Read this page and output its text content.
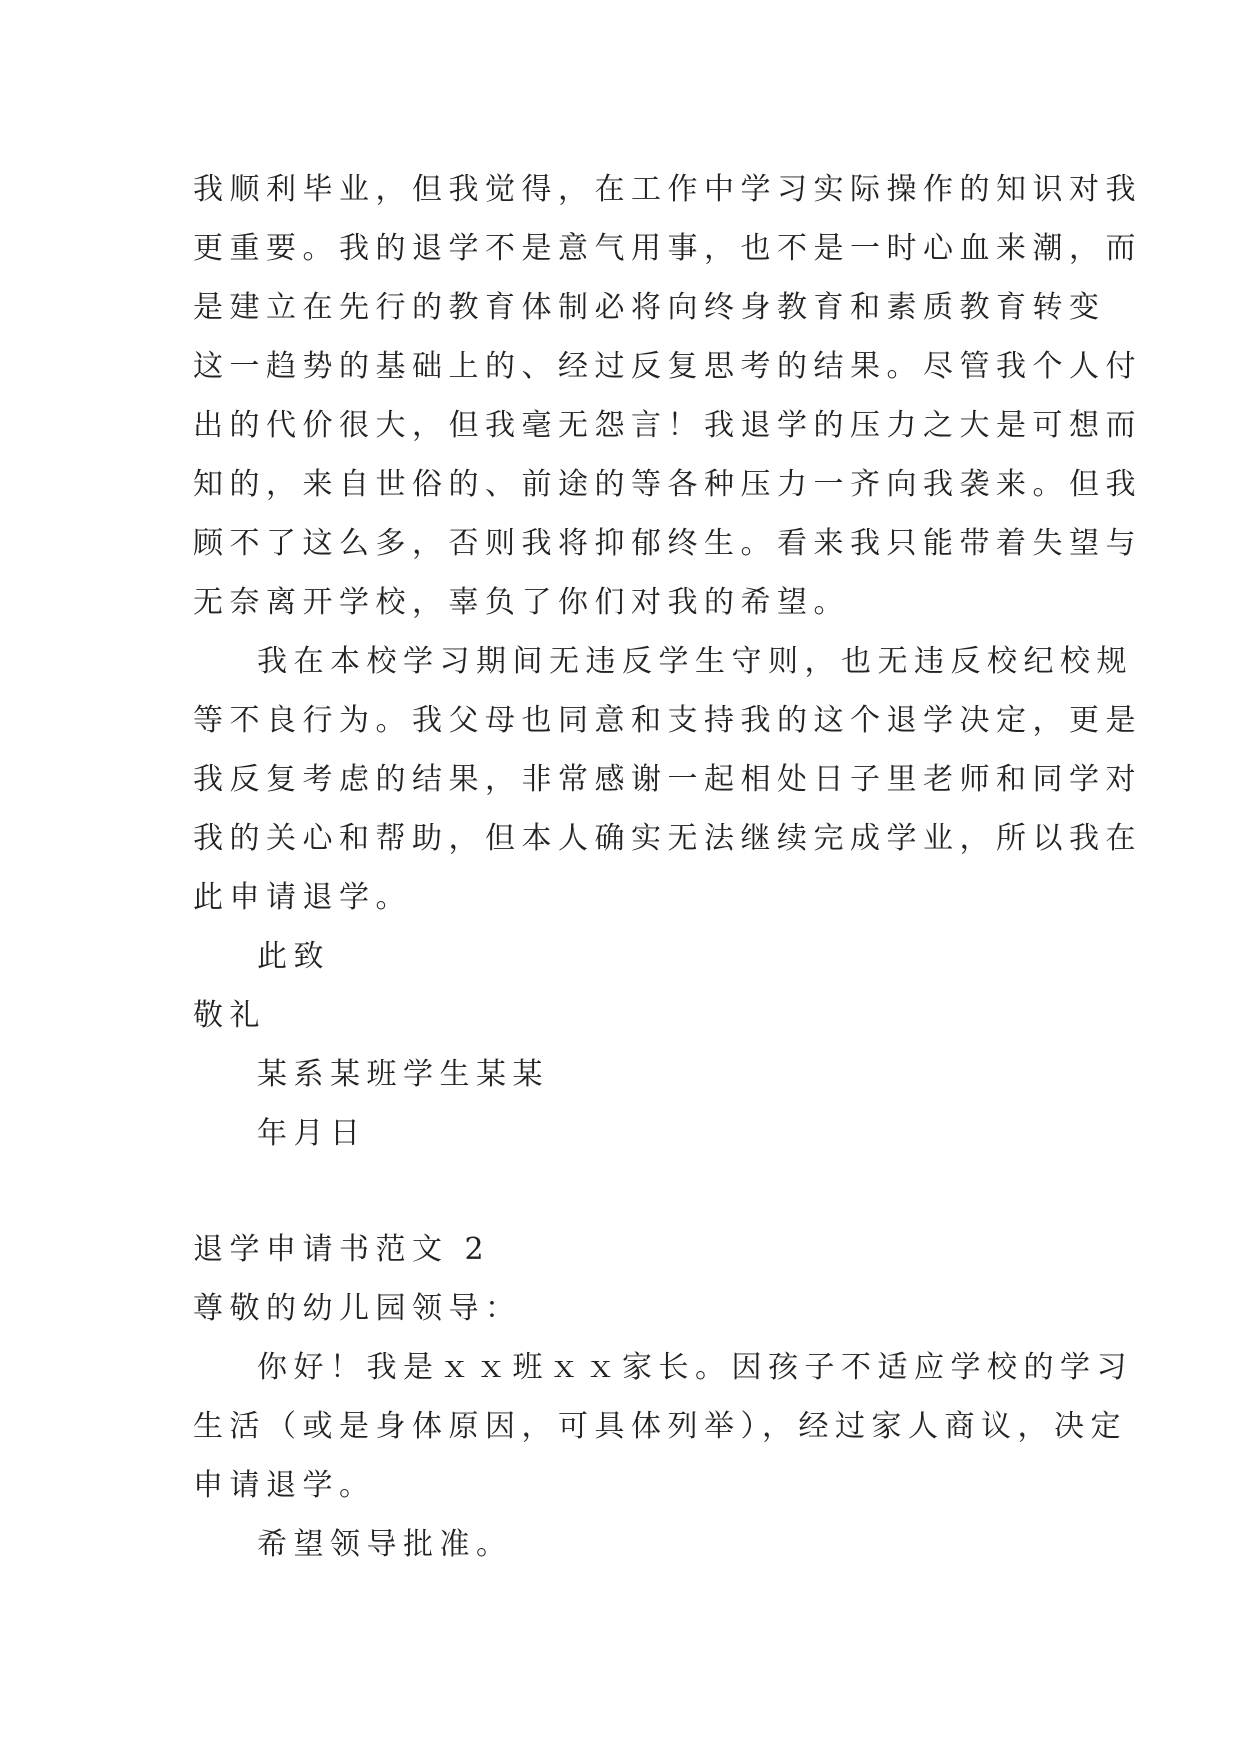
我顺利毕业，但我觉得，在工作中学习实际操作的知识对我
更重要。我的退学不是意气用事，也不是一时心血来潮，而
是建立在先行的教育体制必将向终身教育和素质教育转变
这一趋势的基础上的、经过反复思考的结果。尽管我个人付
出的代价很大，但我毫无怨言！我退学的压力之大是可想而
知的，来自世俗的、前途的等各种压力一齐向我袭来。但我
顾不了这么多，否则我将抑郁终生。看来我只能带着失望与
无奈离开学校，辜负了你们对我的希望。
我在本校学习期间无违反学生守则，也无违反校纪校规
等不良行为。我父母也同意和支持我的这个退学决定，更是
我反复考虑的结果，非常感谢一起相处日子里老师和同学对
我的关心和帮助，但本人确实无法继续完成学业，所以我在
此申请退学。
此致
敬礼
某系某班学生某某
年月日
退学申请书范文 2
尊敬的幼儿园领导：
你好！我是ｘｘ班ｘｘ家长。因孩子不适应学校的学习
生活（或是身体原因，可具体列举），经过家人商议，决定
申请退学。
希望领导批准。
